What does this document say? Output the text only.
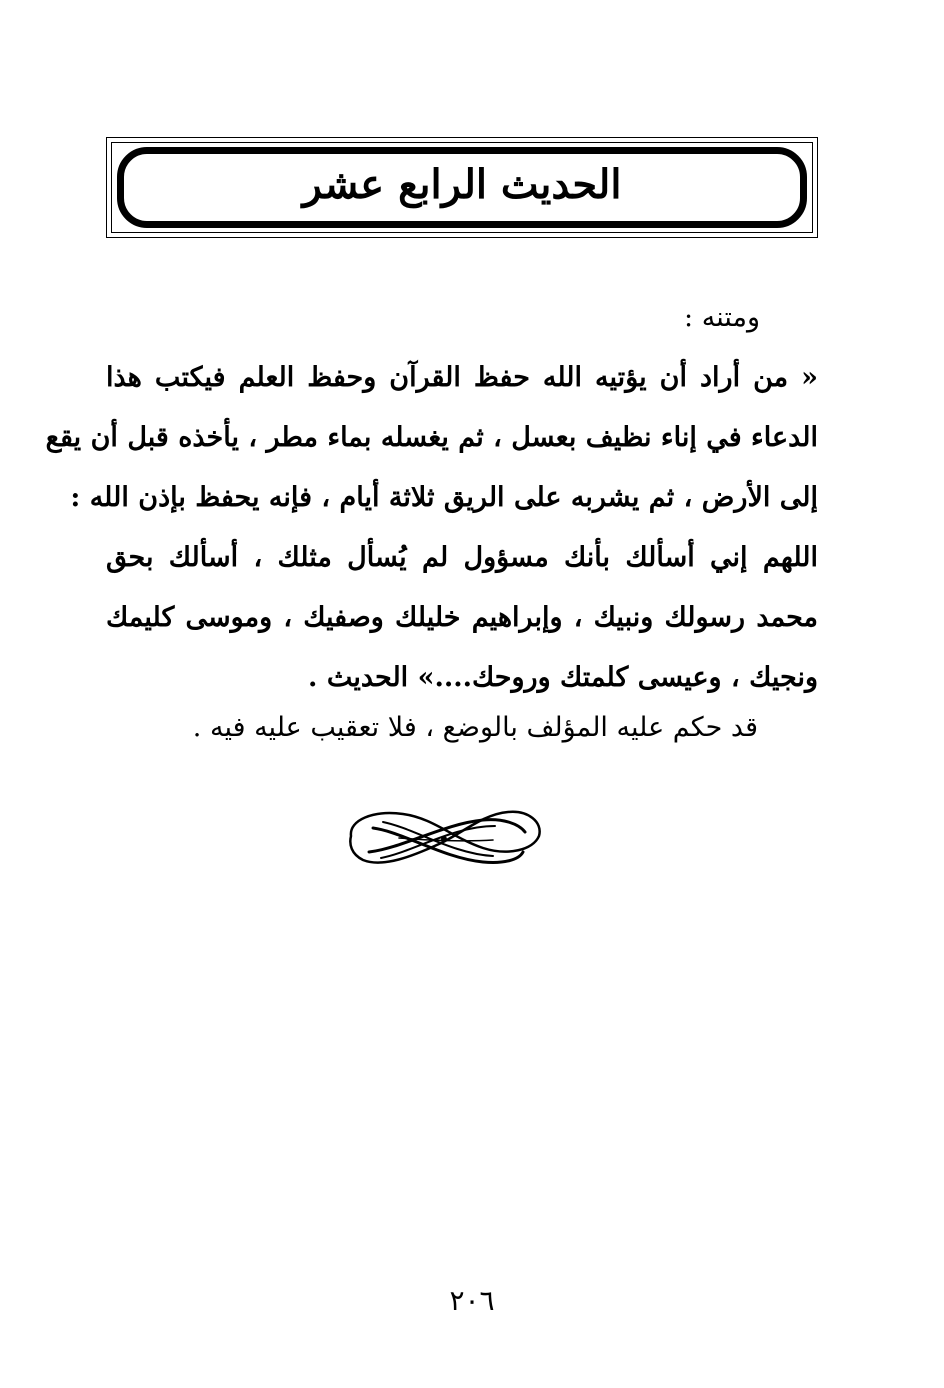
الحديث الرابع عشر
ومتنه :
« من أراد أن يؤتيه الله حفظ القرآن وحفظ العلم فيكتب هذا
الدعاء في إناء نظيف بعسل ، ثم يغسله بماء مطر ، يأخذه قبل أن يقع
إلى الأرض ، ثم يشربه على الريق ثلاثة أيام ، فإنه يحفظ بإذن الله :
اللهم إني أسألك بأنك مسؤول لم يُسأل مثلك ، أسألك بحق
محمد رسولك ونبيك ، وإبراهيم خليلك وصفيك ، وموسى كليمك
ونجيك ، وعيسى كلمتك وروحك....» الحديث .
قد حكم عليه المؤلف بالوضع ، فلا تعقيب عليه فيه .
٢٠٦
